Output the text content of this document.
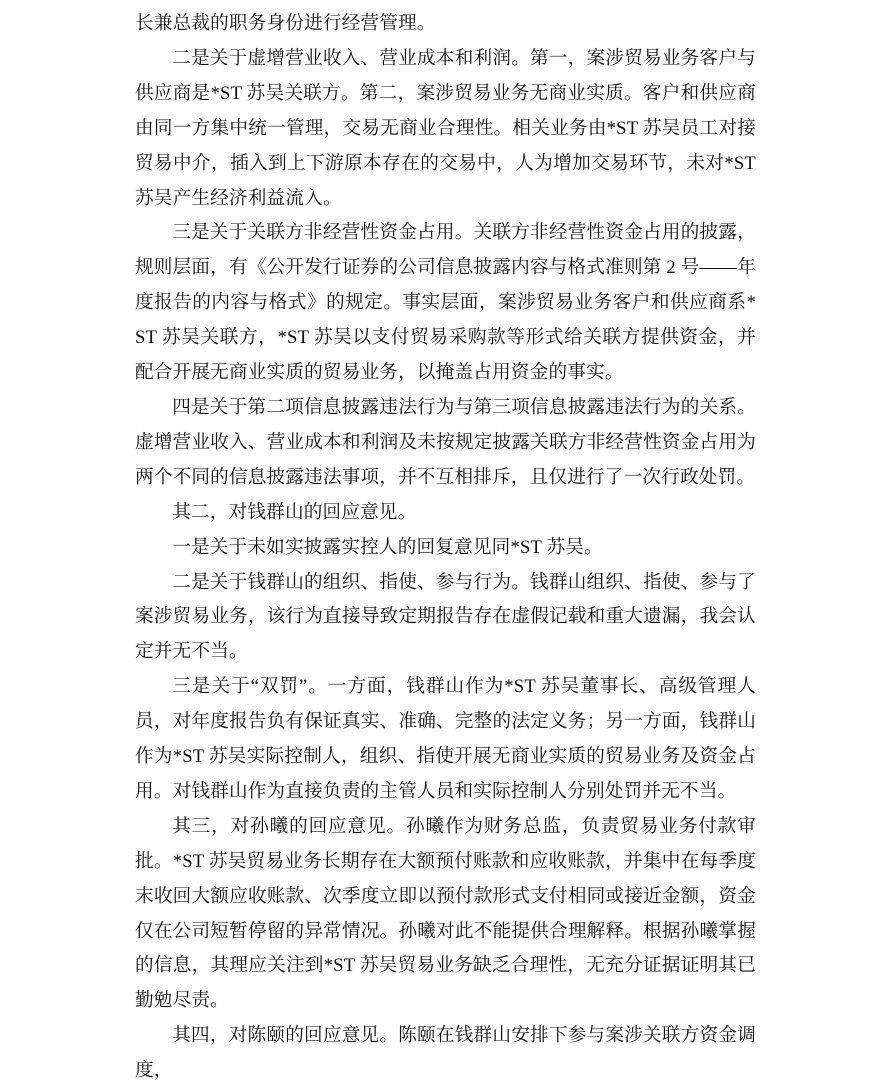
长兼总裁的职务身份进行经营管理。

二是关于虚增营业收入、营业成本和利润。第一，案涉贸易业务客户与供应商是*ST 苏吴关联方。第二，案涉贸易业务无商业实质。客户和供应商由同一方集中统一管理，交易无商业合理性。相关业务由*ST 苏吴员工对接贸易中介，插入到上下游原本存在的交易中，人为增加交易环节，未对*ST 苏吴产生经济利益流入。

三是关于关联方非经营性资金占用。关联方非经营性资金占用的披露，规则层面，有《公开发行证券的公司信息披露内容与格式准则第 2 号——年度报告的内容与格式》的规定。事实层面，案涉贸易业务客户和供应商系*ST 苏吴关联方，*ST 苏吴以支付贸易采购款等形式给关联方提供资金，并配合开展无商业实质的贸易业务，以掩盖占用资金的事实。

四是关于第二项信息披露违法行为与第三项信息披露违法行为的关系。虚增营业收入、营业成本和利润及未按规定披露关联方非经营性资金占用为两个不同的信息披露违法事项，并不互相排斥，且仅进行了一次行政处罚。

其二，对钱群山的回应意见。

一是关于未如实披露实控人的回复意见同*ST 苏吴。

二是关于钱群山的组织、指使、参与行为。钱群山组织、指使、参与了案涉贸易业务，该行为直接导致定期报告存在虚假记载和重大遗漏，我会认定并无不当。

三是关于“双罚”。一方面，钱群山作为*ST 苏吴董事长、高级管理人员，对年度报告负有保证真实、准确、完整的法定义务；另一方面，钱群山作为*ST 苏吴实际控制人，组织、指使开展无商业实质的贸易业务及资金占用。对钱群山作为直接负责的主管人员和实际控制人分别处罚并无不当。

其三，对孙曦的回应意见。孙曦作为财务总监，负责贸易业务付款审批。*ST 苏吴贸易业务长期存在大额预付账款和应收账款，并集中在每季度末收回大额应收账款、次季度立即以预付款形式支付相同或接近金额，资金仅在公司短暂停留的异常情况。孙曦对此不能提供合理解释。根据孙曦掌握的信息，其理应关注到*ST 苏吴贸易业务缺乏合理性，无充分证据证明其已勤勉尽责。

其四，对陈颐的回应意见。陈颐在钱群山安排下参与案涉关联方资金调度，
